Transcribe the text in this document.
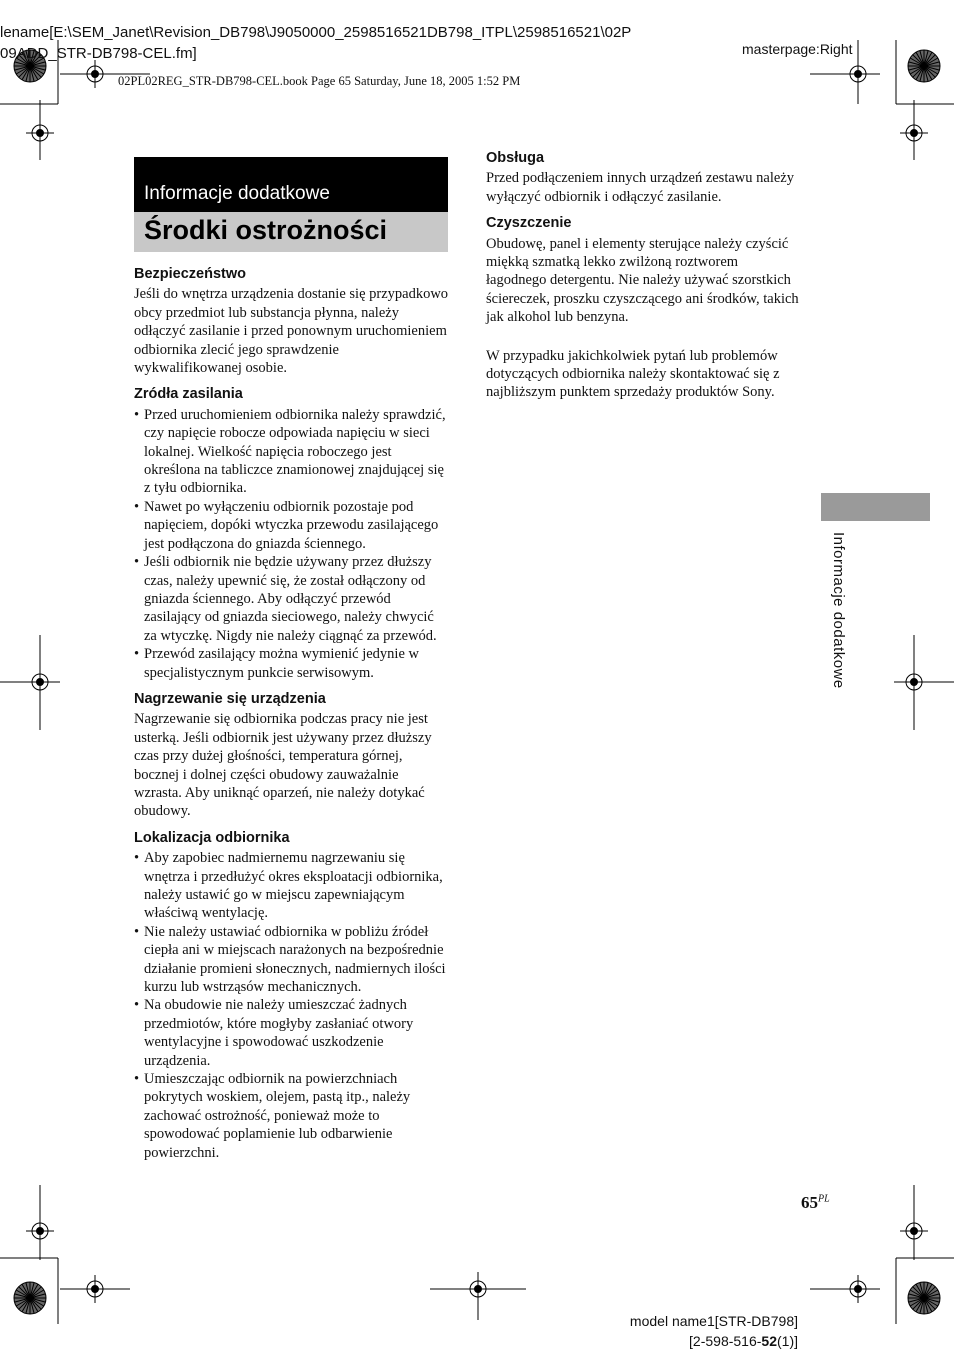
lename[E:\SEM_Janet\Revision_DB798\J9050000_2598516521DB798_ITPL\2598516521\02P
09ADD_STR-DB798-CEL.fm]	masterpage:Right
02PL02REG_STR-DB798-CEL.book Page 65 Saturday, June 18, 2005 1:52 PM
Informacje dodatkowe
Środki ostrożności
Bezpieczeństwo

Jeśli do wnętrza urządzenia dostanie się przypadkowo obcy przedmiot lub substancja płynna, należy odłączyć zasilanie i przed ponownym uruchomieniem odbiornika zlecić jego sprawdzenie wykwalifikowanej osobie.

Zródła zasilania
• Przed uruchomieniem odbiornika należy sprawdzić, czy napięcie robocze odpowiada napięciu w sieci lokalnej. Wielkość napięcia roboczego jest określona na tabliczce znamionowej znajdującej się z tyłu odbiornika.
• Nawet po wyłączeniu odbiornik pozostaje pod napięciem, dopóki wtyczka przewodu zasilającego jest podłączona do gniazda ściennego.
• Jeśli odbiornik nie będzie używany przez dłuższy czas, należy upewnić się, że został odłączony od gniazda ściennego. Aby odłączyć przewód zasilający od gniazda sieciowego, należy chwycić za wtyczkę. Nigdy nie należy ciągnąć za przewód.
• Przewód zasilający można wymienić jedynie w specjalistycznym punkcie serwisowym.
Nagrzewanie się urządzenia

Nagrzewanie się odbiornika podczas pracy nie jest usterką. Jeśli odbiornik jest używany przez dłuższy czas przy dużej głośności, temperatura górnej, bocznej i dolnej części obudowy zauważalnie wzrasta. Aby uniknąć oparzeń, nie należy dotykać obudowy.

Lokalizacja odbiornika
• Aby zapobiec nadmiernemu nagrzewaniu się wnętrza i przedłużyć okres eksploatacji odbiornika, należy ustawić go w miejscu zapewniającym właściwą wentylację.
• Nie należy ustawiać odbiornika w pobliżu źródeł ciepła ani w miejscach narażonych na bezpośrednie działanie promieni słonecznych, nadmiernych ilości kurzu lub wstrząsów mechanicznych.
• Na obudowie nie należy umieszczać żadnych przedmiotów, które mogłyby zasłaniać otwory wentylacyjne i spowodować uszkodzenie urządzenia.
• Umieszczając odbiornik na powierzchniach pokrytych woskiem, olejem, pastą itp., należy zachować ostrożność, ponieważ może to spowodować poplamienie lub odbarwienie powierzchni.
Obsługa

Przed podłączeniem innych urządzeń zestawu należy wyłączyć odbiornik i odłączyć zasilanie.

Czyszczenie

Obudowę, panel i elementy sterujące należy czyścić miękką szmatką lekko zwilżoną roztworem łagodnego detergentu. Nie należy używać szorstkich ściereczek, proszku czyszczącego ani środków, takich jak alkohol lub benzyna.

W przypadku jakichkolwiek pytań lub problemów dotyczących odbiornika należy skontaktować się z najbliższym punktem sprzedaży produktów Sony.

Informacje dodatkowe
$65^{PL}$
model name1[STR-DB798]
[2-598-516-52(1)]
